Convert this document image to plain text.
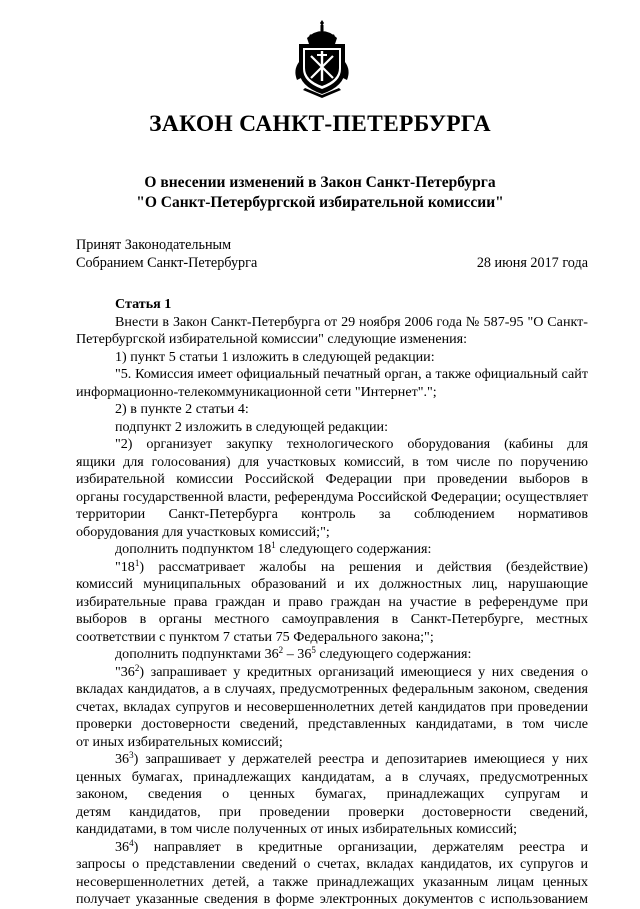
ЗАКОН САНКТ-ПЕТЕРБУРГА
О внесении изменений в Закон Санкт-Петербурга
"О Санкт-Петербургской избирательной комиссии"
Принят Законодательным
Собранием Санкт-Петербурга	28 июня 2017 года
Статья 1
Внести в Закон Санкт-Петербурга от 29 ноября 2006 года № 587-95 "О Санкт-
Петербургской избирательной комиссии" следующие изменения:
1) пункт 5 статьи 1 изложить в следующей редакции:
"5. Комиссия имеет официальный печатный орган, а также официальный сайт
информационно-телекоммуникационной сети "Интернет".";
2) в пункте 2 статьи 4:
подпункт 2 изложить в следующей редакции:
"2) организует закупку технологического оборудования (кабины для
ящики для голосования) для участковых комиссий, в том числе по поручению
избирательной комиссии Российской Федерации при проведении выборов в
органы государственной власти, референдума Российской Федерации; осуществляет
территории Санкт-Петербурга контроль за соблюдением нормативов
оборудования для участковых комиссий;";
дополнить подпунктом $18^1$ следующего содержания:
"$18^1$) рассматривает жалобы на решения и действия (бездействие)
комиссий муниципальных образований и их должностных лиц, нарушающие
избирательные права граждан и право граждан на участие в референдуме при
выборов в органы местного самоуправления в Санкт-Петербурге, местных
соответствии с пунктом 7 статьи 75 Федерального закона;";
дополнить подпунктами $36^2 - 36^5$ следующего содержания:
"$36^2$) запрашивает у кредитных организаций имеющиеся у них сведения о
вкладах кандидатов, а в случаях, предусмотренных федеральным законом, сведения
счетах, вкладах супругов и несовершеннолетних детей кандидатов при проведении
проверки достоверности сведений, представленных кандидатами, в том числе
от иных избирательных комиссий;
$36^3$) запрашивает у держателей реестра и депозитариев имеющиеся у них
ценных бумагах, принадлежащих кандидатам, а в случаях, предусмотренных
законом, сведения о ценных бумагах, принадлежащих супругам и
детям кандидатов, при проведении проверки достоверности сведений,
кандидатами, в том числе полученных от иных избирательных комиссий;
$36^4$) направляет в кредитные организации, держателям реестра и
запросы о представлении сведений о счетах, вкладах кандидатов, их супругов и
несовершеннолетних детей, а также принадлежащих указанным лицам ценных
получает указанные сведения в форме электронных документов с использованием
